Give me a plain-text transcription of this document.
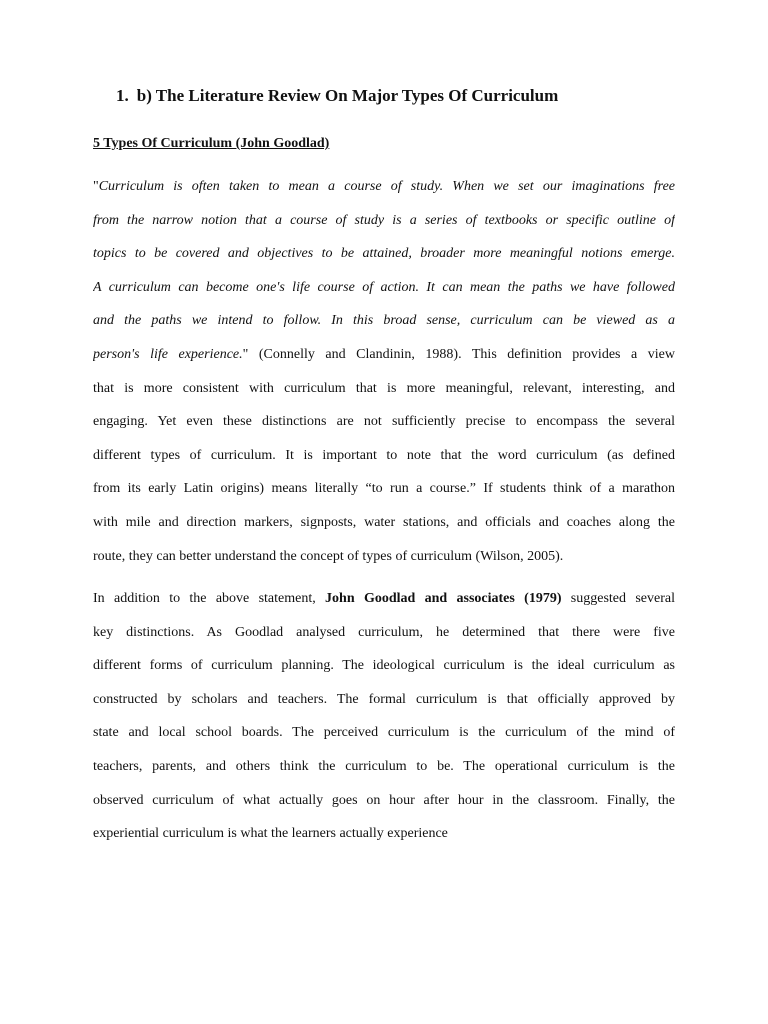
1. b) The Literature Review On Major Types Of Curriculum
5 Types Of Curriculum (John Goodlad)
"Curriculum is often taken to mean a course of study. When we set our imaginations free
from the narrow notion that a course of study is a series of textbooks or specific outline of
topics to be covered and objectives to be attained, broader more meaningful notions emerge.
A curriculum can become one's life course of action. It can mean the paths we have followed
and the paths we intend to follow. In this broad sense, curriculum can be viewed as a
person's life experience." (Connelly and Clandinin, 1988). This definition provides a view
that is more consistent with curriculum that is more meaningful, relevant, interesting, and
engaging. Yet even these distinctions are not sufficiently precise to encompass the several
different types of curriculum. It is important to note that the word curriculum (as defined
from its early Latin origins) means literally “to run a course.” If students think of a marathon
with mile and direction markers, signposts, water stations, and officials and coaches along the
route, they can better understand the concept of types of curriculum (Wilson, 2005).
In addition to the above statement, John Goodlad and associates (1979) suggested several
key distinctions. As Goodlad analysed curriculum, he determined that there were five
different forms of curriculum planning. The ideological curriculum is the ideal curriculum as
constructed by scholars and teachers. The formal curriculum is that officially approved by
state and local school boards. The perceived curriculum is the curriculum of the mind of
teachers, parents, and others think the curriculum to be. The operational curriculum is the
observed curriculum of what actually goes on hour after hour in the classroom. Finally, the
experiential curriculum is what the learners actually experience
